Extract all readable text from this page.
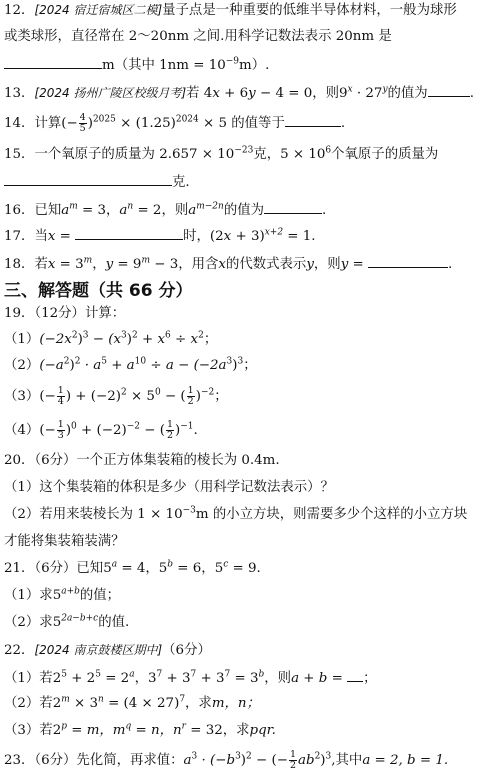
12．[2024 宿迁宿城区二模]量子点是一种重要的低维半导体材料，一般为球形
或类球形，直径常在 2～20nm 之间.用科学记数法表示 20nm 是
m（其中 $1nm = 10^{-9}m$）.
13．[2024 扬州广陵区校级月考]若 4x + 6y − 4 = 0，则$9^x \cdot 27^y$的值为	.
14．计算(− $\frac{4}{5} )^{2025} \times (1.25)^{2024} \times 5$ 的值等于	.
15．一个氧原子的质量为 $2.657 \times 10^{-23}$克，$5 \times 10^6$个氧原子的质量为
克.
16．已知$a^m = 3$，$a^n = 2$，则$a^{m-2n}$的值为	.
17．当x =	时，$(2x + 3)^{x+2} = 1$.
18．若$x = 3^m$，$y = 9^m - 3$，用含x的代数式表示y，则y =	.
三、解答题（共 66 分）
19．（12分）计算：
$(1)(-2x^2)^3 - (x^3)^2 + x^6 \div x^2$；
$(2)(-a^2)^2 \cdot a^5 + a^{10} \div a - (-2a^3)^3$；
$(3)(- \frac{1}{4}$ ) + $(-2)^2 \times 5^0$ − ( $\frac{1}{2} )^{-2}$；
$(4)(- \frac{1}{3} )^0 + (-2)^{-2}$ − ( $\frac{1}{2} )^{-1}$.
20．（6分）一个正方体集装箱的棱长为 0.4m.
（1）这个集装箱的体积是多少（用科学记数法表示）？
（2）若用来装棱长为 $1 \times 10^{-3}m$ 的小立方块，则需要多少个这样的小立方块
才能将集装箱装满？
21．（6分）已知$5^a = 4$，$5^b = 6$，$5^c = 9$.
（1）求$5^{a+b}$的值；
（2）求$5^{2a-b+c}$的值.
22．[2024 南京鼓楼区期中]（6分）
（1）若$2^5 + 2^5 = 2^a$，$3^7 + 3^7 + 3^7 = 3^b$，则a + b = ；
（2）若$2^m \times 3^n = (4 \times 27)^7$，求m，n；
（3）若$2^p = m$，$m^q = n$，$n^r = 32$，求pqr.
23．（6分）先化简，再求值：$a^3 \cdot (-b^3)^2$ − (− $\frac{1}{2} ab^2)^3$,其中a = 2, b = 1.
